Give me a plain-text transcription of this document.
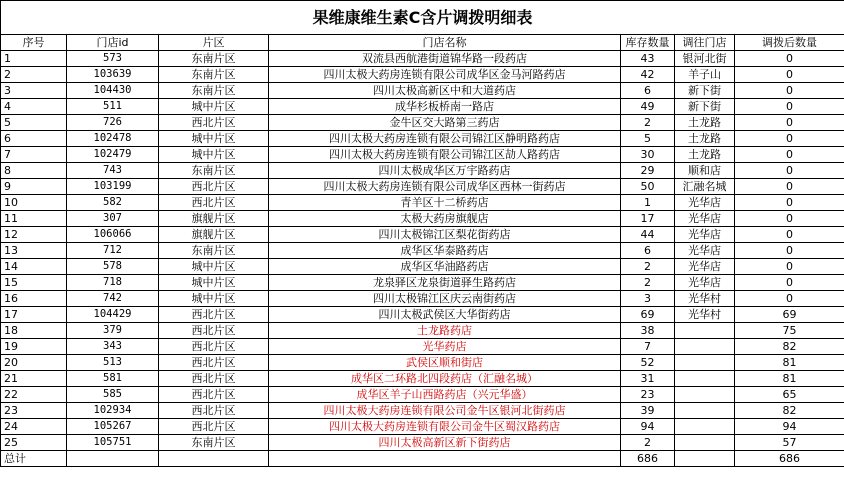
果维康维生素C含片调拨明细表						
序号	门店id	片区	门店名称	库存数量	调往门店	调拨后数量
1	573	东南片区	双流县西航港街道锦华路一段药店	43	银河北街	0
2	103639	东南片区	四川太极大药房连锁有限公司成华区金马河路药店	42	羊子山	0
3	104430	东南片区	四川太极高新区中和大道药店	6	新下街	0
4	511	城中片区	成华杉板桥南一路店	49	新下街	0
5	726	西北片区	金牛区交大路第三药店	2	土龙路	0
6	102478	城中片区	四川太极大药房连锁有限公司锦江区静明路药店	5	土龙路	0
7	102479	城中片区	四川太极大药房连锁有限公司锦江区劼人路药店	30	土龙路	0
8	743	东南片区	四川太极成华区万宇路药店	29	顺和店	0
9	103199	西北片区	四川太极大药房连锁有限公司成华区西林一街药店	50	汇融名城	0
10	582	西北片区	青羊区十二桥药店	1	光华店	0
11	307	旗舰片区	太极大药房旗舰店	17	光华店	0
12	106066	旗舰片区	四川太极锦江区梨花街药店	44	光华店	0
13	712	东南片区	成华区华泰路药店	6	光华店	0
14	578	城中片区	成华区华油路药店	2	光华店	0
15	718	城中片区	龙泉驿区龙泉街道驿生路药店	2	光华店	0
16	742	城中片区	四川太极锦江区庆云南街药店	3	光华村	0
17	104429	西北片区	四川太极武侯区大华街药店	69	光华村	69
18	379	西北片区	土龙路药店	38		75
19	343	西北片区	光华药店	7		82
20	513	西北片区	武侯区顺和街店	52		81
21	581	西北片区	成华区二环路北四段药店（汇融名城）	31		81
22	585	西北片区	成华区羊子山西路药店（兴元华盛）	23		65
23	102934	西北片区	四川太极大药房连锁有限公司金牛区银河北街药店	39		82
24	105267	西北片区	四川太极大药房连锁有限公司金牛区蜀汉路药店	94		94
25	105751	东南片区	四川太极高新区新下街药店	2		57
总计				686		686
